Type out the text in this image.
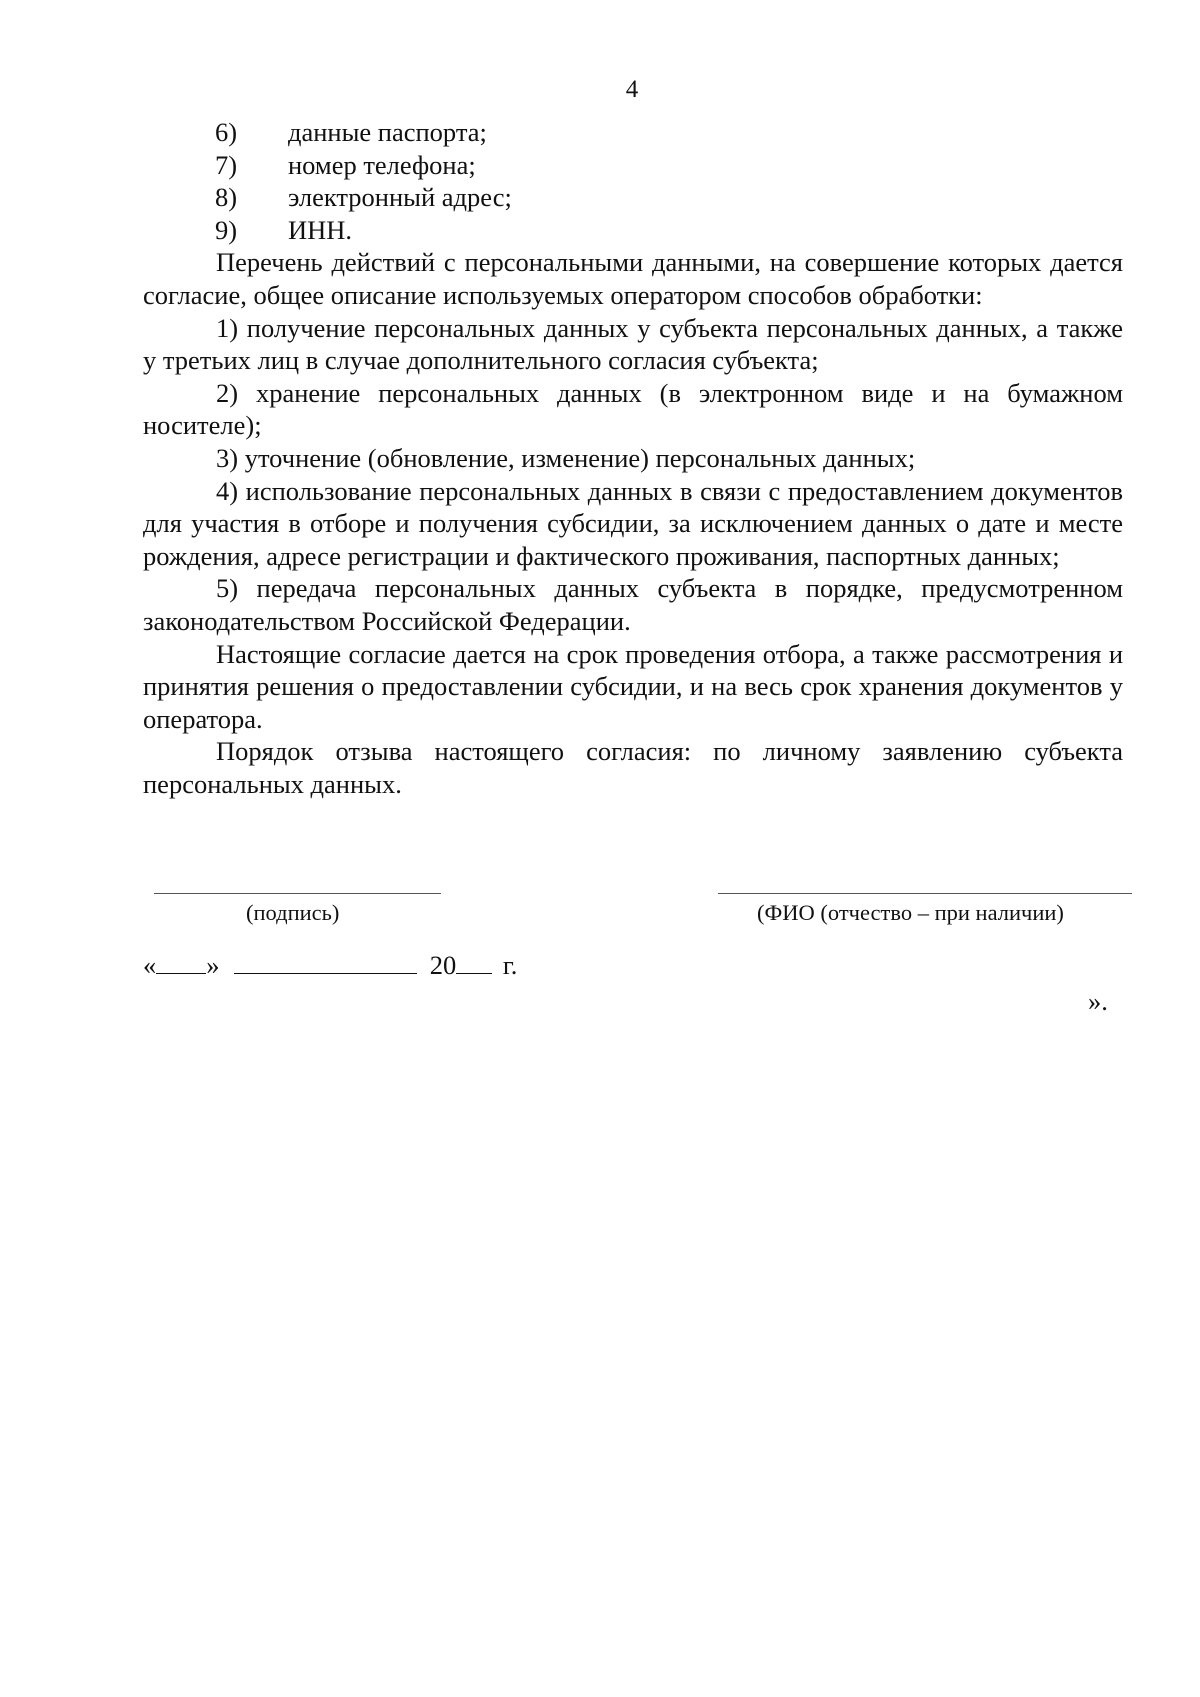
4
6)	данные паспорта;
7)	номер телефона;
8)	электронный адрес;
9)	ИНН.

Перечень действий с персональными данными, на совершение которых дается согласие, общее описание используемых оператором способов обработки:

1) получение персональных данных у субъекта персональных данных, а также у третьих лиц в случае дополнительного согласия субъекта;

2) хранение персональных данных (в электронном виде и на бумажном носителе);

3) уточнение (обновление, изменение) персональных данных;

4) использование персональных данных в связи с предоставлением документов для участия в отборе и получения субсидии, за исключением данных о дате и месте рождения, адресе регистрации и фактического проживания, паспортных данных;

5) передача персональных данных субъекта в порядке, предусмотренном законодательством Российской Федерации.

Настоящие согласие дается на срок проведения отбора, а также рассмотрения и принятия решения о предоставлении субсидии, и на весь срок хранения документов у оператора.

Порядок отзыва настоящего согласия: по личному заявлению субъекта персональных данных.

(подпись)	(ФИО (отчество – при наличии)
« »	20 г.
».
